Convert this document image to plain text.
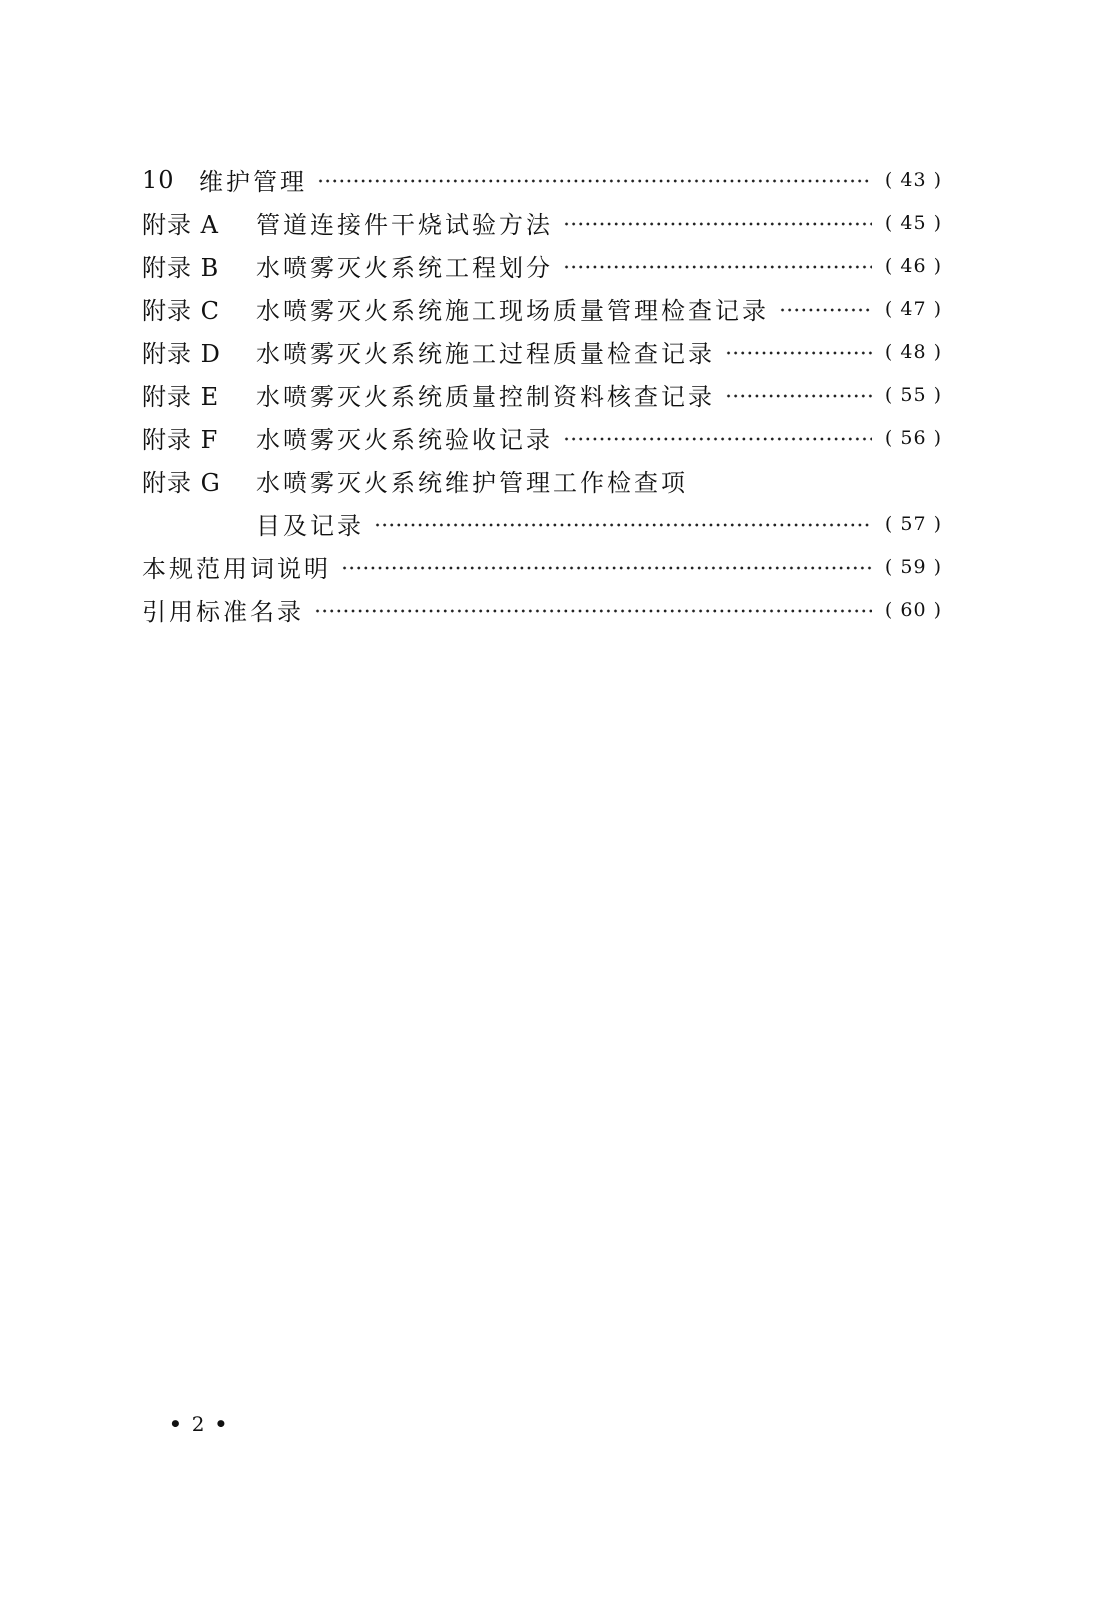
10	维护管理	( 43 )
附录 A	管道连接件干烧试验方法	( 45 )
附录 B	水喷雾灭火系统工程划分	( 46 )
附录 C	水喷雾灭火系统施工现场质量管理检查记录	( 47 )
附录 D	水喷雾灭火系统施工过程质量检查记录	( 48 )
附录 E	水喷雾灭火系统质量控制资料核查记录	( 55 )
附录 F	水喷雾灭火系统验收记录	( 56 )
附录 G	水喷雾灭火系统维护管理工作检查项
目及记录	( 57 )
本规范用词说明	( 59 )
引用标准名录	( 60 )
• 2 •
